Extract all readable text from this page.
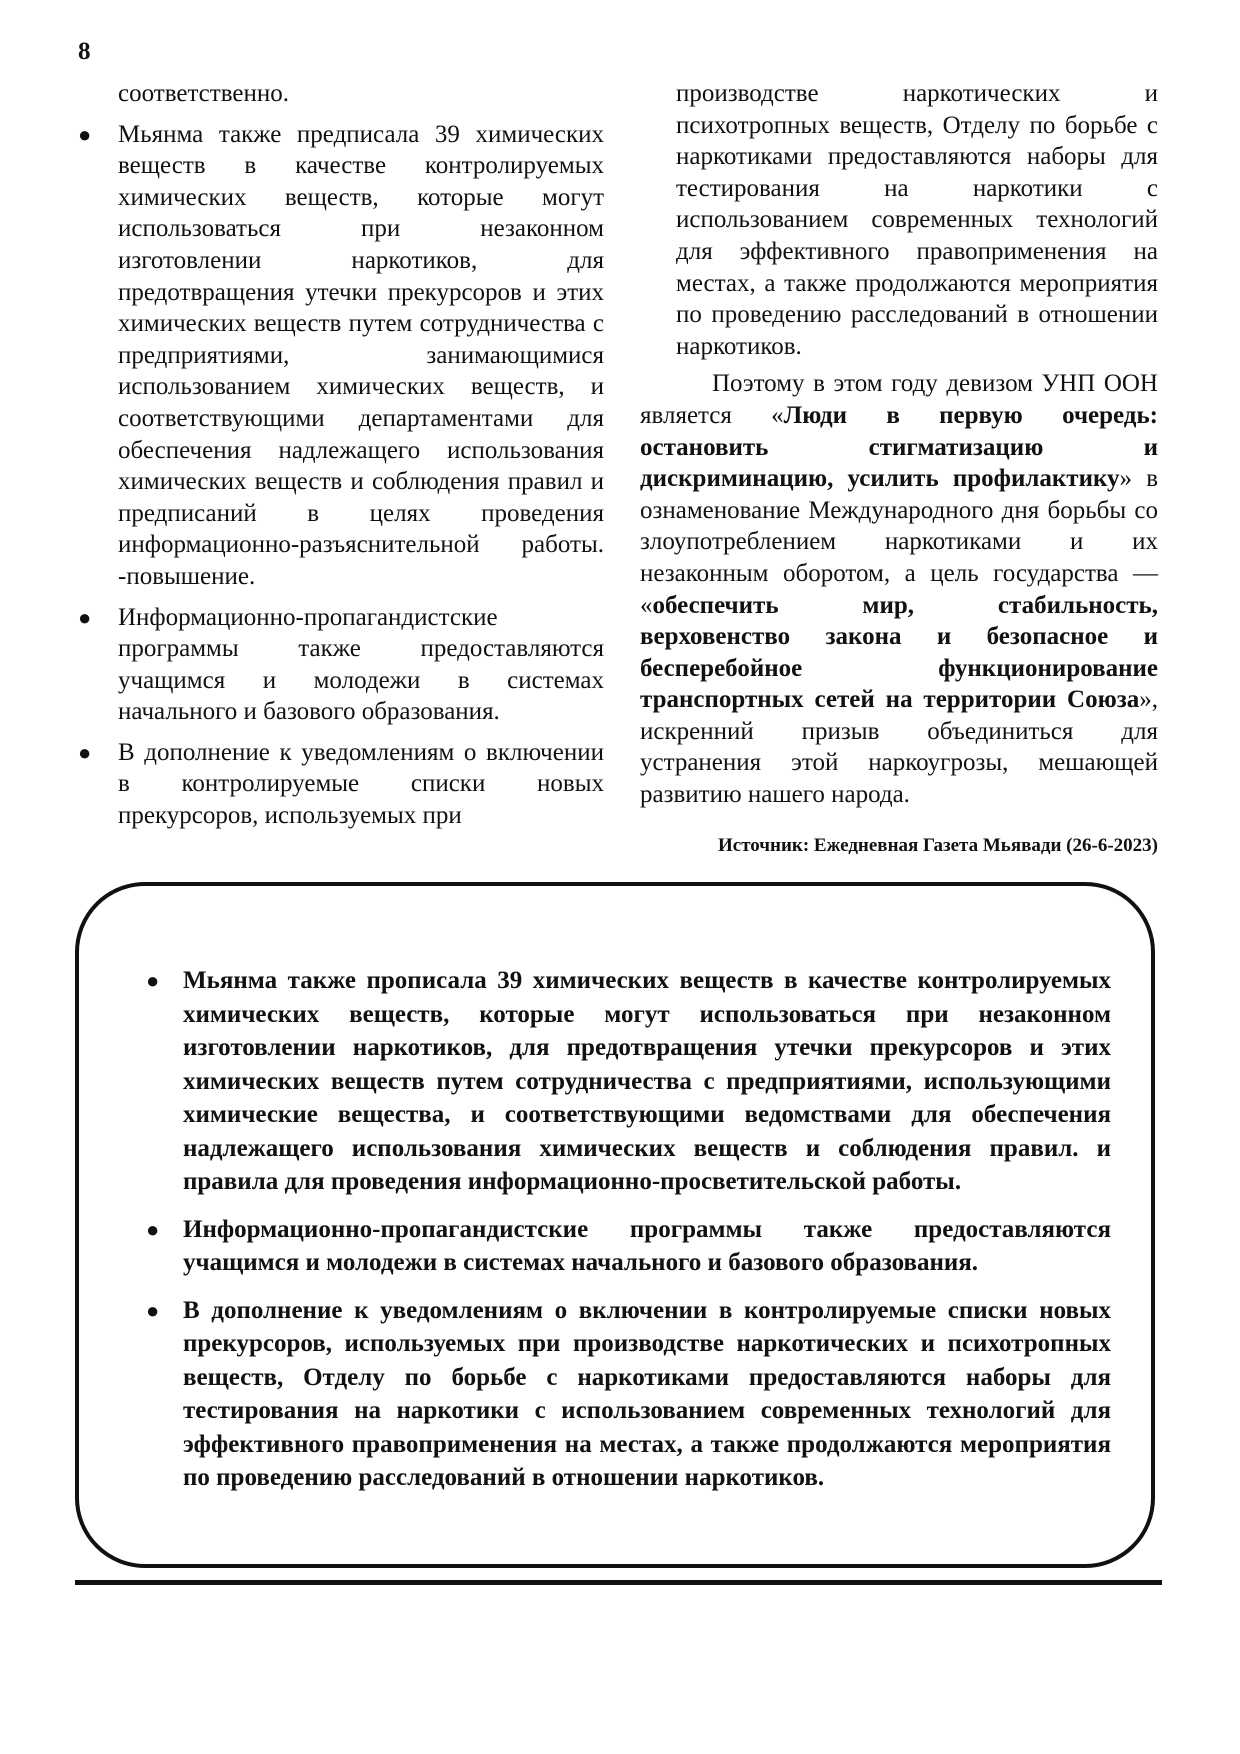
8

соответственно.

● Мьянма также предписала 39 химических веществ в качестве контролируемых химических веществ, которые могут использоваться при незаконном изготовлении наркотиков, для предотвращения утечки прекурсоров и этих химических веществ путем сотрудничества с предприятиями, занимающимися использованием химических веществ, и соответствующими департаментами для обеспечения надлежащего использования химических веществ и соблюдения правил и предписаний в целях проведения информационно-разъяснительной работы. -повышение.
● Информационно-пропагандистские программы также предоставляются учащимся и молодежи в системах начального и базового образования.
● В дополнение к уведомлениям о включении в контролируемые списки новых прекурсоров, используемых при

производстве наркотических и психотропных веществ, Отделу по борьбе с наркотиками предоставляются наборы для тестирования на наркотики с использованием современных технологий для эффективного правоприменения на местах, а также продолжаются мероприятия по проведению расследований в отношении наркотиков.

Поэтому в этом году девизом УНП ООН является «Люди в первую очередь: остановить стигматизацию и дискриминацию, усилить профилактику» в ознаменование Международного дня борьбы со злоупотреблением наркотиками и их незаконным оборотом, а цель государства — «обеспечить мир, стабильность, верховенство закона и безопасное и бесперебойное функционирование транспортных сетей на территории Союза», искренний призыв объединиться для устранения этой наркоугрозы, мешающей развитию нашего народа.

Источник: Ежедневная Газета Мьявади (26-6-2023)

● Мьянма также прописала 39 химических веществ в качестве контролируемых химических веществ, которые могут использоваться при незаконном изготовлении наркотиков, для предотвращения утечки прекурсоров и этих химических веществ путем сотрудничества с предприятиями, использующими химические вещества, и соответствующими ведомствами для обеспечения надлежащего использования химических веществ и соблюдения правил. и правила для проведения информационно-просветительской работы.
● Информационно-пропагандистские программы также предоставляются учащимся и молодежи в системах начального и базового образования.
● В дополнение к уведомлениям о включении в контролируемые списки новых прекурсоров, используемых при производстве наркотических и психотропных веществ, Отделу по борьбе с наркотиками предоставляются наборы для тестирования на наркотики с использованием современных технологий для эффективного правоприменения на местах, а также продолжаются мероприятия по проведению расследований в отношении наркотиков.
